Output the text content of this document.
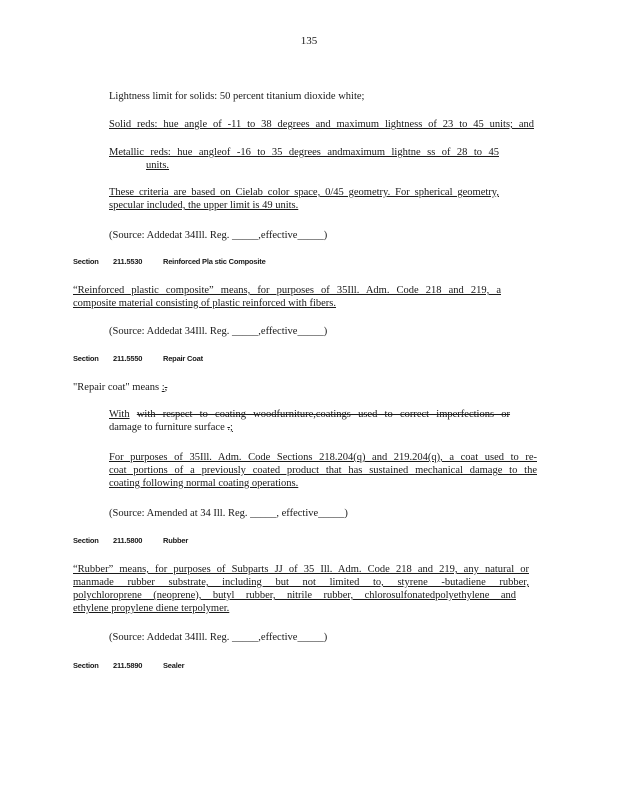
135
Lightness limit for solids: 50 percent titanium dioxide white;
Solid reds: hue angle of -11 to 38 degrees and maximum lightness of 23 to 45 units; and
Metallic reds: hue angleof -16 to 35 degrees andmaximum lightne ss of 28 to 45
units.
These criteria are based on Cielab color space, 0/45 geometry. For spherical geometry,
specular included, the upper limit is 49 units.
(Source: Addedat 34Ill. Reg. _____,effective_____)
Section 211.5530	Reinforced Pla stic Composite
“Reinforced plastic composite” means, for purposes of 35Ill. Adm. Code 218 and 219, a
composite material consisting of plastic reinforced with fibers.
(Source: Addedat 34Ill. Reg. _____,effective_____)
Section 211.5550	Repair Coat
"Repair coat" means :,
With with respect to coating woodfurniture,coatings used to correct imperfections or
damage to furniture surface .;
For purposes of 35Ill. Adm. Code Sections 218.204(q) and 219.204(q), a coat used to re-
coat portions of a previously coated product that has sustained mechanical damage to the
coating following normal coating operations.
(Source: Amended at 34 Ill. Reg. _____, effective_____)
Section 211.5800	Rubber
“Rubber” means, for purposes of Subparts JJ of 35 Ill. Adm. Code 218 and 219, any natural or
manmade rubber substrate, including but not limited to, styrene -butadiene rubber,
polychloroprene (neoprene), butyl rubber, nitrile rubber, chlorosulfonatedpolyethylene and
ethylene propylene diene terpolymer.
(Source: Addedat 34Ill. Reg. _____,effective_____)
Section 211.5890	Sealer
